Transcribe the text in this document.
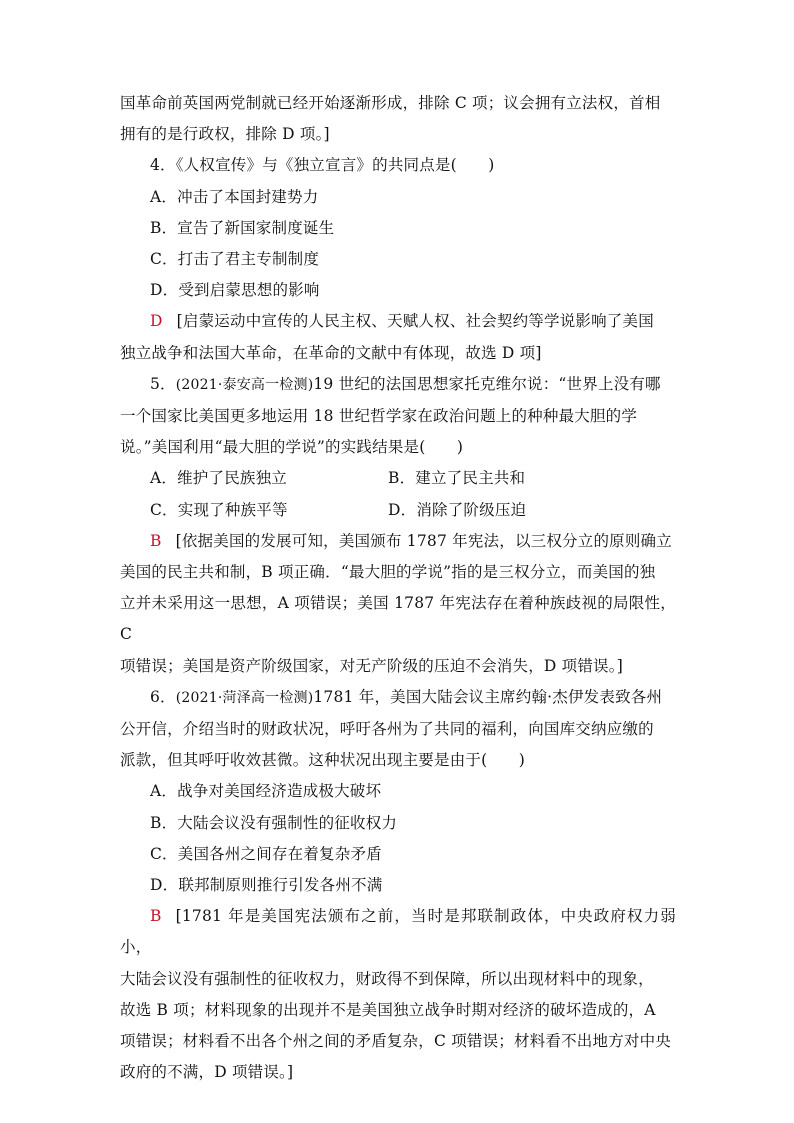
国革命前英国两党制就已经开始逐渐形成，排除 C 项；议会拥有立法权，首相

拥有的是行政权，排除 D 项。]

4．《人权宣传》与《独立宣言》的共同点是(　　)

A．冲击了本国封建势力

B．宣告了新国家制度诞生

C．打击了君主专制制度

D．受到启蒙思想的影响

D [启蒙运动中宣传的人民主权、天赋人权、社会契约等学说影响了美国

独立战争和法国大革命，在革命的文献中有体现，故选 D 项]

5．(2021·泰安高一检测)19 世纪的法国思想家托克维尔说：“世界上没有哪

一个国家比美国更多地运用 18 世纪哲学家在政治问题上的种种最大胆的学

说。”美国利用“最大胆的学说”的实践结果是(　　)

A．维护了民族独立	B．建立了民主共和
C．实现了种族平等	D．消除了阶级压迫

B [依据美国的发展可知，美国颁布 1787 年宪法，以三权分立的原则确立

美国的民主共和制，B 项正确．“最大胆的学说”指的是三权分立，而美国的独

立并未采用这一思想，A 项错误；美国 1787 年宪法存在着种族歧视的局限性，C

项错误；美国是资产阶级国家，对无产阶级的压迫不会消失，D 项错误。]

6．(2021·菏泽高一检测)1781 年，美国大陆会议主席约翰·杰伊发表致各州

公开信，介绍当时的财政状况，呼吁各州为了共同的福利，向国库交纳应缴的

派款，但其呼吁收效甚微。这种状况出现主要是由于(　　)

A．战争对美国经济造成极大破坏

B．大陆会议没有强制性的征收权力

C．美国各州之间存在着复杂矛盾

D．联邦制原则推行引发各州不满

B [1781 年是美国宪法颁布之前，当时是邦联制政体，中央政府权力弱小，

大陆会议没有强制性的征收权力，财政得不到保障，所以出现材料中的现象，

故选 B 项；材料现象的出现并不是美国独立战争时期对经济的破坏造成的，A

项错误；材料看不出各个州之间的矛盾复杂，C 项错误；材料看不出地方对中央

政府的不满，D 项错误。]
